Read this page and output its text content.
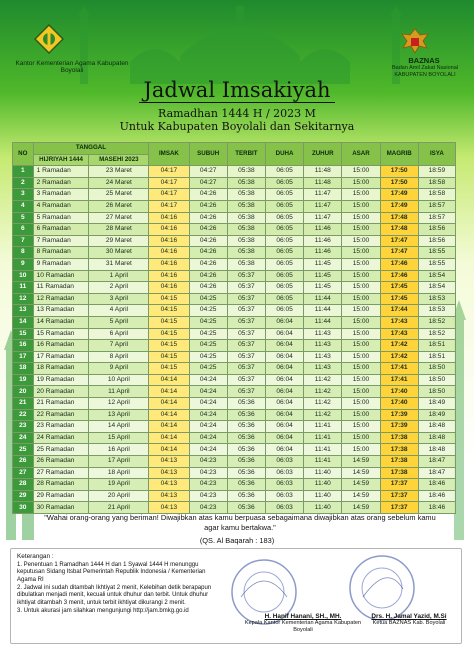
Kantor Kementerian Agama Kabupaten Boyolali
BAZNAS
Badan Amil Zakat Nasional KABUPATEN BOYOLALI
Jadwal Imsakiyah
Ramadhan 1444 H / 2023 M
Untuk Kabupaten Boyolali dan Sekitarnya
NO	TANGGAL		IMSAK	SUBUH	TERBIT	DUHA	ZUHUR	ASAR	MAGRIB	ISYA
	HIJRIYAH 1444	MASEHI 2023								
1	1 Ramadan	23 Maret	04:17	04:27	05:38	06:05	11:48	15:00	17:50	18:59
2	2 Ramadan	24 Maret	04:17	04:27	05:38	06:05	11:48	15:00	17:50	18:58
3	3 Ramadan	25 Maret	04:17	04:26	05:38	06:05	11:47	15:00	17:49	18:58
4	4 Ramadan	26 Maret	04:17	04:26	05:38	06:05	11:47	15:00	17:49	18:57
5	5 Ramadan	27 Maret	04:16	04:26	05:38	06:05	11:47	15:00	17:48	18:57
6	6 Ramadan	28 Maret	04:16	04:26	05:38	06:05	11:46	15:00	17:48	18:56
7	7 Ramadan	29 Maret	04:16	04:26	05:38	06:05	11:46	15:00	17:47	18:56
8	8 Ramadan	30 Maret	04:16	04:26	05:38	06:05	11:46	15:00	17:47	18:55
9	9 Ramadan	31 Maret	04:16	04:26	05:38	06:05	11:45	15:00	17:46	18:55
10	10 Ramadan	1 April	04:16	04:26	05:37	06:05	11:45	15:00	17:46	18:54
11	11 Ramadan	2 April	04:16	04:26	05:37	06:05	11:45	15:00	17:45	18:54
12	12 Ramadan	3 April	04:15	04:25	05:37	06:05	11:44	15:00	17:45	18:53
13	13 Ramadan	4 April	04:15	04:25	05:37	06:05	11:44	15:00	17:44	18:53
14	14 Ramadan	5 April	04:15	04:25	05:37	06:04	11:44	15:00	17:43	18:52
15	15 Ramadan	6 April	04:15	04:25	05:37	06:04	11:43	15:00	17:43	18:52
16	16 Ramadan	7 April	04:15	04:25	05:37	06:04	11:43	15:00	17:42	18:51
17	17 Ramadan	8 April	04:15	04:25	05:37	06:04	11:43	15:00	17:42	18:51
18	18 Ramadan	9 April	04:15	04:25	05:37	06:04	11:43	15:00	17:41	18:50
19	19 Ramadan	10 April	04:14	04:24	05:37	06:04	11:42	15:00	17:41	18:50
20	20 Ramadan	11 April	04:14	04:24	05:37	06:04	11:42	15:00	17:40	18:50
21	21 Ramadan	12 April	04:14	04:24	05:36	06:04	11:42	15:00	17:40	18:49
22	22 Ramadan	13 April	04:14	04:24	05:36	06:04	11:42	15:00	17:39	18:49
23	23 Ramadan	14 April	04:14	04:24	05:36	06:04	11:41	15:00	17:39	18:48
24	24 Ramadan	15 April	04:14	04:24	05:36	06:04	11:41	15:00	17:38	18:48
25	25 Ramadan	16 April	04:14	04:24	05:36	06:04	11:41	15:00	17:38	18:48
26	26 Ramadan	17 April	04:13	04:23	05:36	06:03	11:41	14:59	17:38	18:47
27	27 Ramadan	18 April	04:13	04:23	05:36	06:03	11:40	14:59	17:38	18:47
28	28 Ramadan	19 April	04:13	04:23	05:36	06:03	11:40	14:59	17:37	18:46
29	29 Ramadan	20 April	04:13	04:23	05:36	06:03	11:40	14:59	17:37	18:46
30	30 Ramadan	21 April	04:13	04:23	05:36	06:03	11:40	14:59	17:37	18:46
"Wahai orang-orang yang beriman! Diwajibkan atas kamu berpuasa sebagaimana diwajibkan atas orang sebelum kamu agar kamu bertakwa."
(QS. Al Baqarah : 183)
Keterangan :
1. Penentuan 1 Ramadhan 1444 H dan 1 Syawal 1444 H menunggu keputusan Sidang Itsbat Pemerintah Republik Indonesia / Kementerian Agama RI
2. Jadwal ini sudah ditambah Ikhtiyat 2 menit, Kelebihan detik berapapun dibulatkan menjadi menit, kecuali untuk dhuhur dan terbit. Untuk dhuhur ikhtiyat ditambah 3 menit, untuk terbit ikhtiyat dikurangi 2 menit.
3. Untuk akurasi jam silahkan mengunjungi http://jam.bmkg.go.id
H. Hanif Hanani, SH., MH.
Kepala Kantor Kementerian Agama Kabupaten Boyolali
Drs. H. Jamal Yazid, M.Si
Ketua BAZNAS Kab. Boyolali
